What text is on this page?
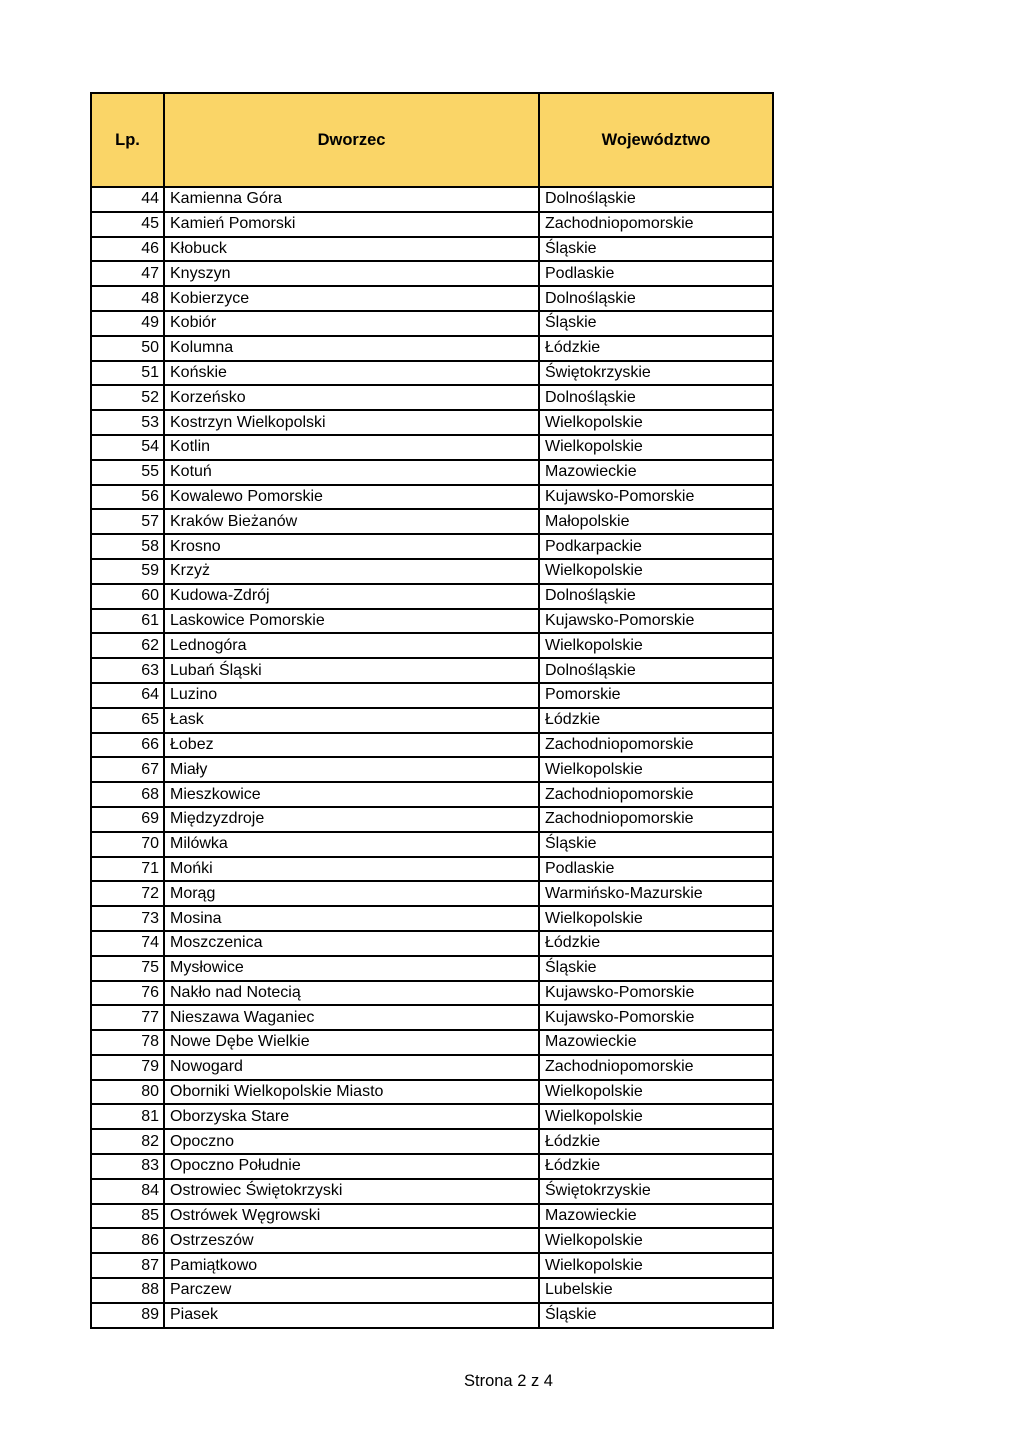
Lp.	Dworzec	Województwo
44	Kamienna Góra	Dolnośląskie
45	Kamień Pomorski	Zachodniopomorskie
46	Kłobuck	Śląskie
47	Knyszyn	Podlaskie
48	Kobierzyce	Dolnośląskie
49	Kobiór	Śląskie
50	Kolumna	Łódzkie
51	Końskie	Świętokrzyskie
52	Korzeńsko	Dolnośląskie
53	Kostrzyn Wielkopolski	Wielkopolskie
54	Kotlin	Wielkopolskie
55	Kotuń	Mazowieckie
56	Kowalewo Pomorskie	Kujawsko-Pomorskie
57	Kraków Bieżanów	Małopolskie
58	Krosno	Podkarpackie
59	Krzyż	Wielkopolskie
60	Kudowa-Zdrój	Dolnośląskie
61	Laskowice Pomorskie	Kujawsko-Pomorskie
62	Lednogóra	Wielkopolskie
63	Lubań Śląski	Dolnośląskie
64	Luzino	Pomorskie
65	Łask	Łódzkie
66	Łobez	Zachodniopomorskie
67	Miały	Wielkopolskie
68	Mieszkowice	Zachodniopomorskie
69	Międzyzdroje	Zachodniopomorskie
70	Milówka	Śląskie
71	Mońki	Podlaskie
72	Morąg	Warmińsko-Mazurskie
73	Mosina	Wielkopolskie
74	Moszczenica	Łódzkie
75	Mysłowice	Śląskie
76	Nakło nad Notecią	Kujawsko-Pomorskie
77	Nieszawa Waganiec	Kujawsko-Pomorskie
78	Nowe Dębe Wielkie	Mazowieckie
79	Nowogard	Zachodniopomorskie
80	Oborniki Wielkopolskie Miasto	Wielkopolskie
81	Oborzyska Stare	Wielkopolskie
82	Opoczno	Łódzkie
83	Opoczno Południe	Łódzkie
84	Ostrowiec Świętokrzyski	Świętokrzyskie
85	Ostrówek Węgrowski	Mazowieckie
86	Ostrzeszów	Wielkopolskie
87	Pamiątkowo	Wielkopolskie
88	Parczew	Lubelskie
89	Piasek	Śląskie
Strona 2 z 4
